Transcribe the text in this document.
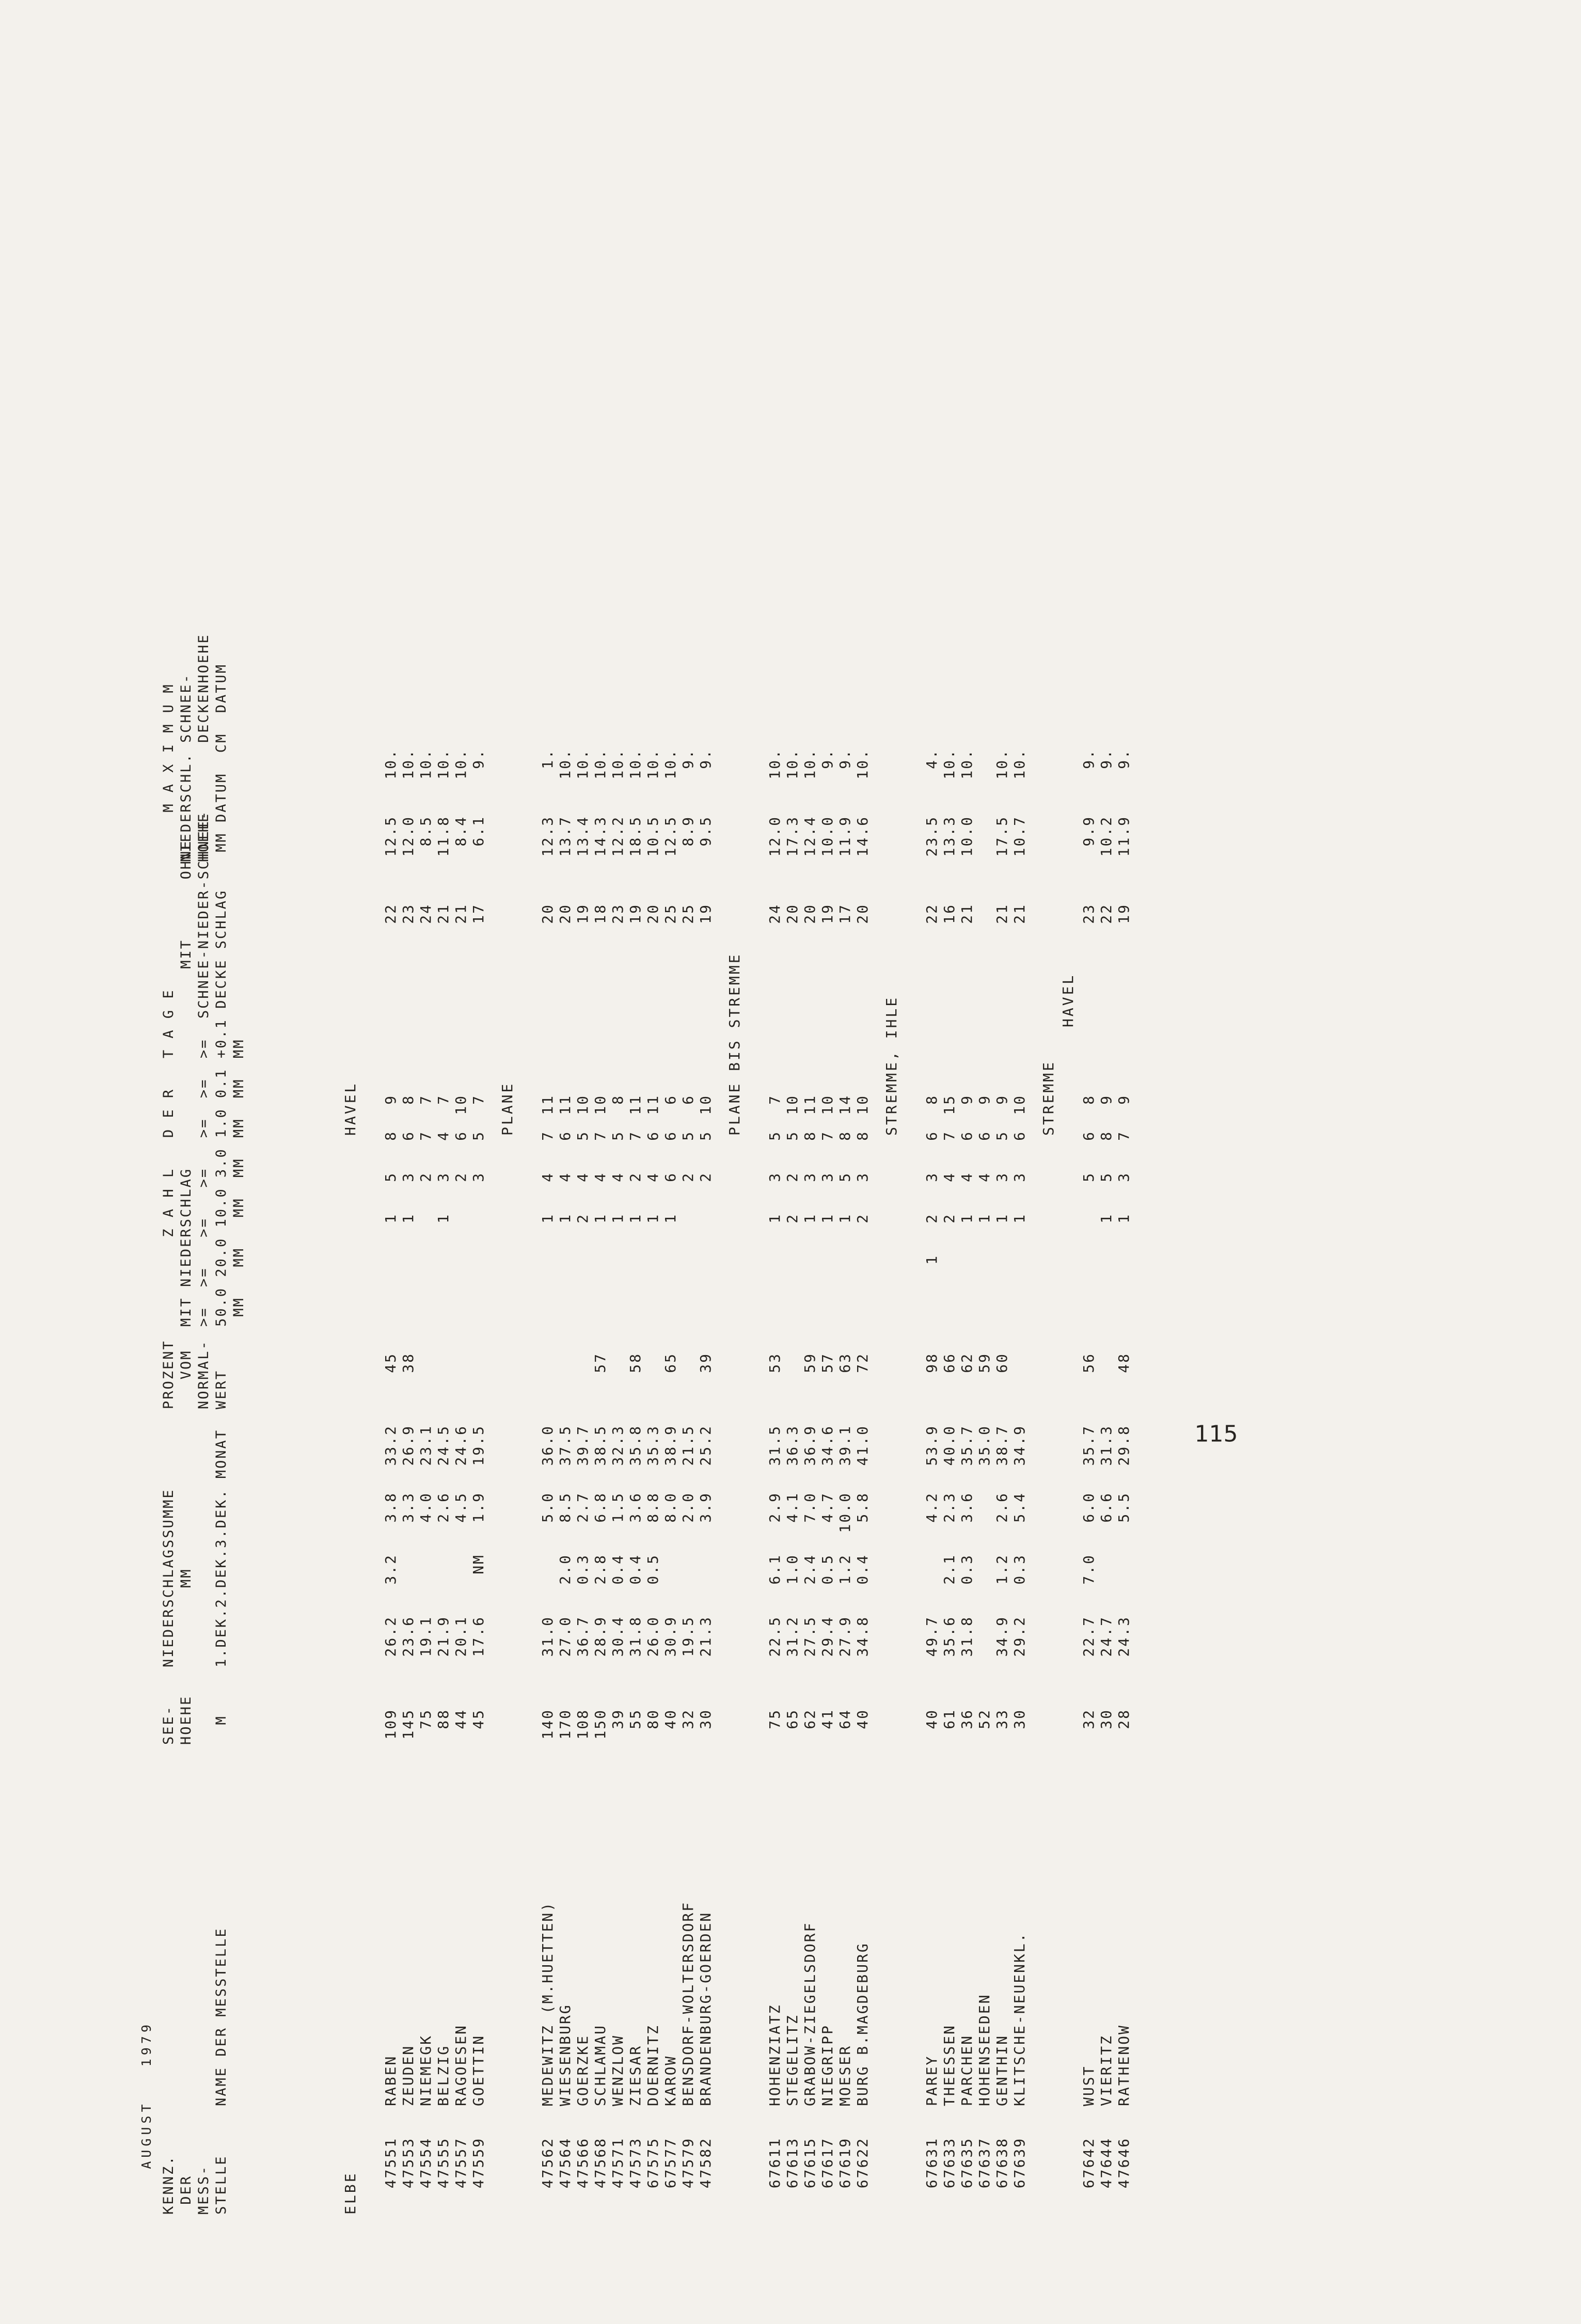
AUGUST   1979

KENNZ.
DER
MESS-
STELLE

NAME DER MESSTELLE
SEE-
HOEHE

M
NIEDERSCHLAGSSUMME
MM

1.DEK.2.DEK.3.DEK. MONAT
PROZENT
VOM
NORMAL-
WERT
Z A H L   D E R   T A G E
MIT NIEDERSCHLAG                    MIT      OHNE
>=  >=   >=   >=   >=  >=  >=  SCHNEE-NIEDER-SCHNEE-
50.0 20.0 10.0 3.0 1.0 0.1 +0.1 DECKE SCHLAG
MM   MM   MM  MM  MM  MM  MM
M A X I M U M
NIEDERSCHL. SCHNEE-
HOEHE       DECKENHOEHE
MM DATUM  CM  DATUM
ELBE
HAVEL
47551
RABEN
109
26.2
3.2
3.8
33.2
45
1
5
8
9
22
12.5
10.
47553
ZEUDEN
145
23.6
3.3
26.9
38
1
3
6
8
23
12.0
10.
47554
NIEMEGK
75
19.1
4.0
23.1
2
7
7
24
8.5
10.
47555
BELZIG
88
21.9
2.6
24.5
1
3
4
7
21
11.8
10.
47557
RAGOESEN
44
20.1
4.5
24.6
2
6
10
21
8.4
10.
47559
GOETTIN
45
17.6
NM
1.9
19.5
3
5
7
17
6.1
9.
PLANE
47562
MEDEWITZ (M.HUETTEN)
140
31.0
5.0
36.0
1
4
7
11
20
12.3
1.
47564
WIESENBURG
170
27.0
2.0
8.5
37.5
1
4
6
11
20
13.7
10.
47566
GOERZKE
108
36.7
0.3
2.7
39.7
2
4
5
10
19
13.4
10.
47568
SCHLAMAU
150
28.9
2.8
6.8
38.5
57
1
4
7
10
18
14.3
10.
47571
WENZLOW
39
30.4
0.4
1.5
32.3
1
4
5
8
23
12.2
10.
47573
ZIESAR
55
31.8
0.4
3.6
35.8
58
1
2
7
11
19
18.5
10.
67575
DOERNITZ
80
26.0
0.5
8.8
35.3
1
4
6
11
20
10.5
10.
67577
KAROW
40
30.9
8.0
38.9
65
1
6
6
6
25
12.5
10.
47579
BENSDORF-WOLTERSDORF
32
19.5
2.0
21.5
2
5
6
25
8.9
9.
47582
BRANDENBURG-GOERDEN
30
21.3
3.9
25.2
39
2
5
10
19
9.5
9.
PLANE BIS STREMME
67611
HOHENZIATZ
75
22.5
6.1
2.9
31.5
53
1
3
5
7
24
12.0
10.
67613
STEGELITZ
65
31.2
1.0
4.1
36.3
2
2
5
10
20
17.3
10.
67615
GRABOW-ZIEGELSDORF
62
27.5
2.4
7.0
36.9
59
1
3
8
11
20
12.4
10.
67617
NIEGRIPP
41
29.4
0.5
4.7
34.6
57
1
3
7
10
19
10.0
9.
67619
MOESER
64
27.9
1.2
10.0
39.1
63
1
5
8
14
17
11.9
9.
67622
BURG B.MAGDEBURG
40
34.8
0.4
5.8
41.0
72
2
3
8
10
20
14.6
10.
STREMME, IHLE
67631
PAREY
40
49.7
4.2
53.9
98
1
2
3
6
8
22
23.5
4.
67633
THEESSEN
61
35.6
2.1
2.3
40.0
66
2
4
7
15
16
13.3
10.
67635
PARCHEN
36
31.8
0.3
3.6
35.7
62
1
4
6
9
21
10.0
10.
67637
HOHENSEEDEN
52
35.0
59
1
4
6
9
67638
GENTHIN
33
34.9
1.2
2.6
38.7
60
1
3
5
9
21
17.5
10.
67639
KLITSCHE-NEUENKL.
30
29.2
0.3
5.4
34.9
1
3
6
10
21
10.7
10.
STREMME
HAVEL
67642
WUST
32
22.7
7.0
6.0
35.7
56
5
6
8
23
9.9
9.
47644
VIERITZ
30
24.7
6.6
31.3
1
5
8
9
22
10.2
9.
47646
RATHENOW
28
24.3
5.5
29.8
48
1
3
7
9
19
11.9
9.
115
